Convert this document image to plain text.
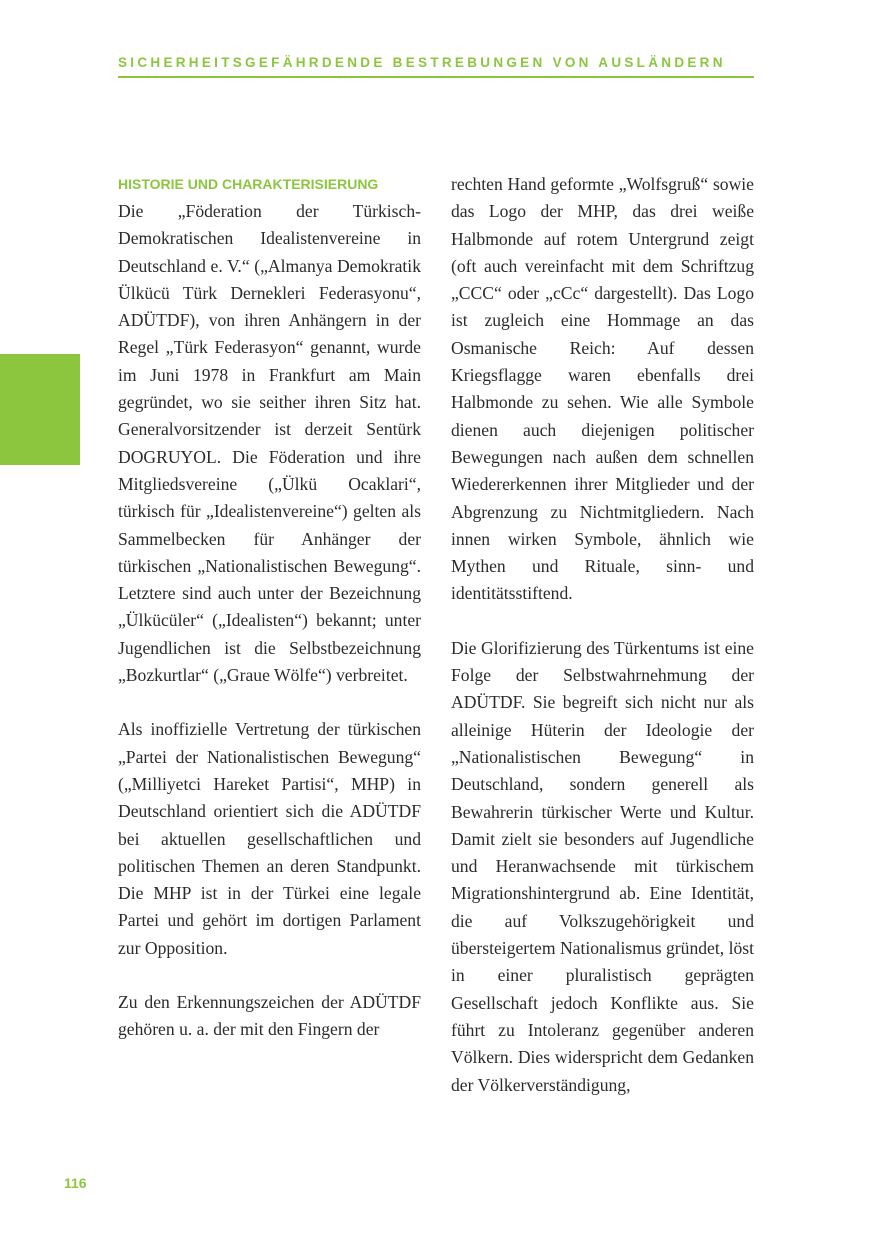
SICHERHEITSGEFÄHRDENDE BESTREBUNGEN VON AUSLÄNDERN
HISTORIE UND CHARAKTERISIERUNG

Die „Föderation der Türkisch-Demokratischen Idealistenvereine in Deutschland e. V.“ („Almanya Demokratik Ülkücü Türk Dernekleri Federasyonu“, ADÜTDF), von ihren Anhängern in der Regel „Türk Federasyon“ genannt, wurde im Juni 1978 in Frankfurt am Main gegründet, wo sie seither ihren Sitz hat. Generalvorsitzender ist derzeit Sentürk DOGRUYOL. Die Föderation und ihre Mitgliedsvereine („Ülkü Ocaklari“, türkisch für „Idealistenvereine“) gelten als Sammelbecken für Anhänger der türkischen „Nationalistischen Bewegung“. Letztere sind auch unter der Bezeichnung „Ülkücüler“ („Idealisten“) bekannt; unter Jugendlichen ist die Selbstbezeichnung „Bozkurtlar“ („Graue Wölfe“) verbreitet.

Als inoffizielle Vertretung der türkischen „Partei der Nationalistischen Bewegung“ („Milliyetci Hareket Partisi“, MHP) in Deutschland orientiert sich die ADÜTDF bei aktuellen gesellschaftlichen und politischen Themen an deren Standpunkt. Die MHP ist in der Türkei eine legale Partei und gehört im dortigen Parlament zur Opposition.

Zu den Erkennungszeichen der ADÜTDF gehören u. a. der mit den Fingern der

rechten Hand geformte „Wolfsgruß“ sowie das Logo der MHP, das drei weiße Halbmonde auf rotem Untergrund zeigt (oft auch vereinfacht mit dem Schriftzug „CCC“ oder „cCc“ dargestellt). Das Logo ist zugleich eine Hommage an das Osmanische Reich: Auf dessen Kriegsflagge waren ebenfalls drei Halbmonde zu sehen. Wie alle Symbole dienen auch diejenigen politischer Bewegungen nach außen dem schnellen Wiedererkennen ihrer Mitglieder und der Abgrenzung zu Nichtmitgliedern. Nach innen wirken Symbole, ähnlich wie Mythen und Rituale, sinn- und identitätsstiftend.

Die Glorifizierung des Türkentums ist eine Folge der Selbstwahrnehmung der ADÜTDF. Sie begreift sich nicht nur als alleinige Hüterin der Ideologie der „Nationalistischen Bewegung“ in Deutschland, sondern generell als Bewahrerin türkischer Werte und Kultur. Damit zielt sie besonders auf Jugendliche und Heranwachsende mit türkischem Migrationshintergrund ab. Eine Identität, die auf Volkszugehörigkeit und übersteigertem Nationalismus gründet, löst in einer pluralistisch geprägten Gesellschaft jedoch Konflikte aus. Sie führt zu Intoleranz gegenüber anderen Völkern. Dies widerspricht dem Gedanken der Völkerverständigung,

116
